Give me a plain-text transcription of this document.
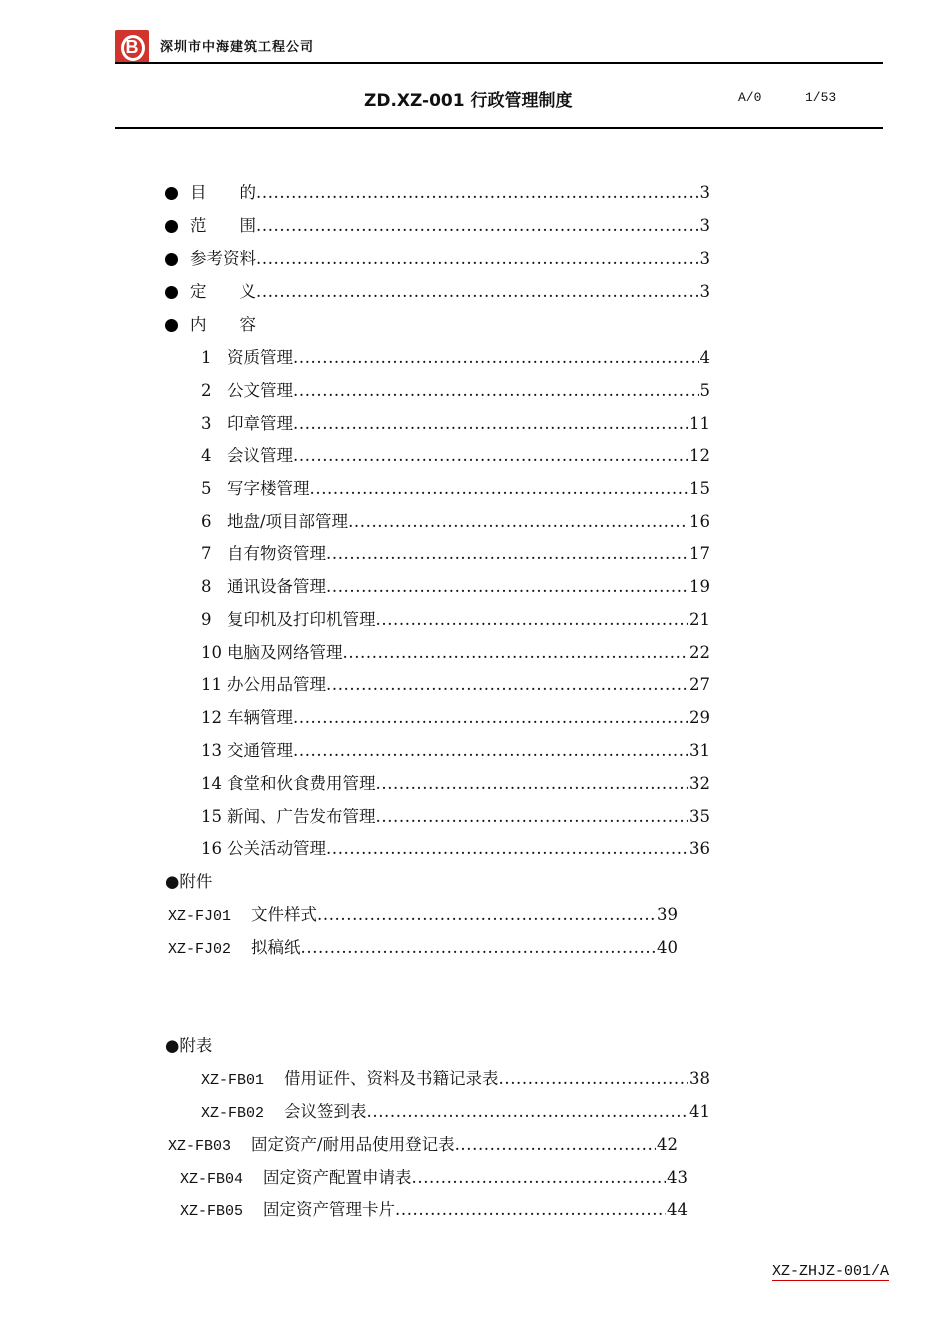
B	深圳市中海建筑工程公司
ZD.XZ-001 行政管理制度	A/0	1/53
目　　的 .....	3
范　　围 .....	3
参考资料 .....	3
定　　义 .....	3
内　　容
1 资质管理 .....	4
2 公文管理 .....	5
3 印章管理 .....	11
4 会议管理 .....	12
5 写字楼管理 .....	15
6 地盘/项目部管理 .....	16
7 自有物资管理 .....	17
8 通讯设备管理 .....	19
9 复印机及打印机管理 .....	21
10 电脑及网络管理 .....	22
11 办公用品管理 .....	27
12 车辆管理 .....	29
13 交通管理 .....	31
14 食堂和伙食费用管理 .....	32
15 新闻、广告发布管理 .....	35
16 公关活动管理 .....	36
●附件
XZ-FJ01 文件样式 .....	39
XZ-FJ02 拟稿纸 .....	40
●附表
XZ-FB01 借用证件、资料及书籍记录表 .....	38
XZ-FB02 会议签到表 .....	41
XZ-FB03 固定资产/耐用品使用登记表 .....	42
XZ-FB04 固定资产配置申请表 .....	43
XZ-FB05 固定资产管理卡片 .....	44
XZ-ZHJZ-001/A
